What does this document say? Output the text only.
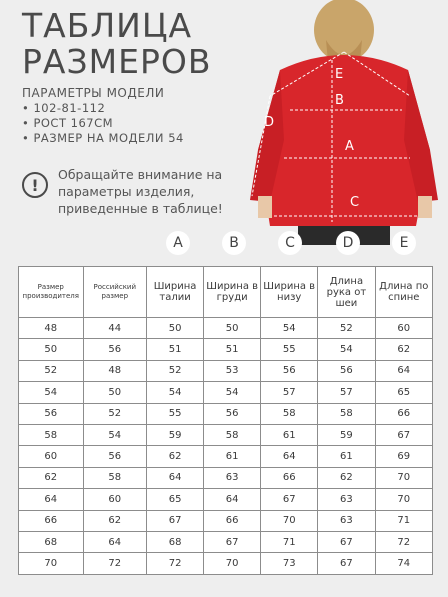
ТАБЛИЦА
РАЗМЕРОВ
ПАРАМЕТРЫ МОДЕЛИ
• 102-81-112
• РОСТ 167СМ
• РАЗМЕР НА МОДЕЛИ 54
!
Обращайте внимание на параметры изделия, приведенные в таблице!
E
B
D
A
C
A	B	C	D	E
Размер производителя	Российский размер	Ширина талии	Ширина в груди	Ширина в низу	Длина рука от шеи	Длина по спине
48	44	50	50	54	52	60
50	56	51	51	55	54	62
52	48	52	53	56	56	64
54	50	54	54	57	57	65
56	52	55	56	58	58	66
58	54	59	58	61	59	67
60	56	62	61	64	61	69
62	58	64	63	66	62	70
64	60	65	64	67	63	70
66	62	67	66	70	63	71
68	64	68	67	71	67	72
70	72	72	70	73	67	74
